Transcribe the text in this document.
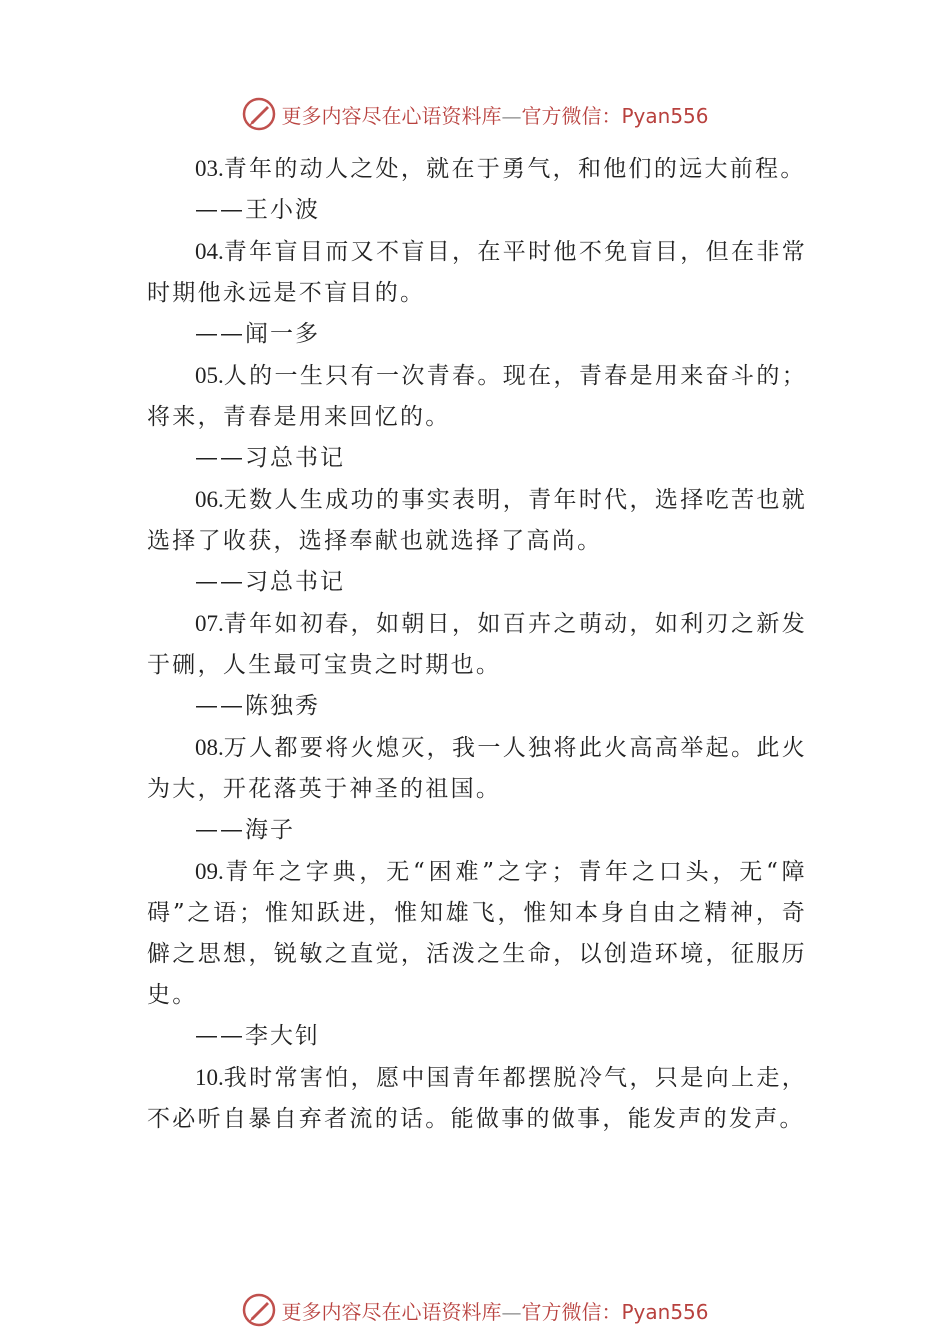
更多内容尽在心语资料库—官方微信：Pyan556

03.青年的动人之处，就在于勇气，和他们的远大前程。

——王小波

04.青年盲目而又不盲目，在平时他不免盲目，但在非常时期他永远是不盲目的。

——闻一多

05.人的一生只有一次青春。现在，青春是用来奋斗的；将来，青春是用来回忆的。

——习总书记

06.无数人生成功的事实表明，青年时代，选择吃苦也就选择了收获，选择奉献也就选择了高尚。

——习总书记

07.青年如初春，如朝日，如百卉之萌动，如利刃之新发于硎，人生最可宝贵之时期也。

——陈独秀

08.万人都要将火熄灭，我一人独将此火高高举起。此火为大，开花落英于神圣的祖国。

——海子

09.青年之字典，无“困难”之字；青年之口头，无“障碍”之语；惟知跃进，惟知雄飞，惟知本身自由之精神，奇僻之思想，锐敏之直觉，活泼之生命，以创造环境，征服历史。

——李大钊

10.我时常害怕，愿中国青年都摆脱冷气，只是向上走，不必听自暴自弃者流的话。能做事的做事，能发声的发声。

更多内容尽在心语资料库—官方微信：Pyan556
